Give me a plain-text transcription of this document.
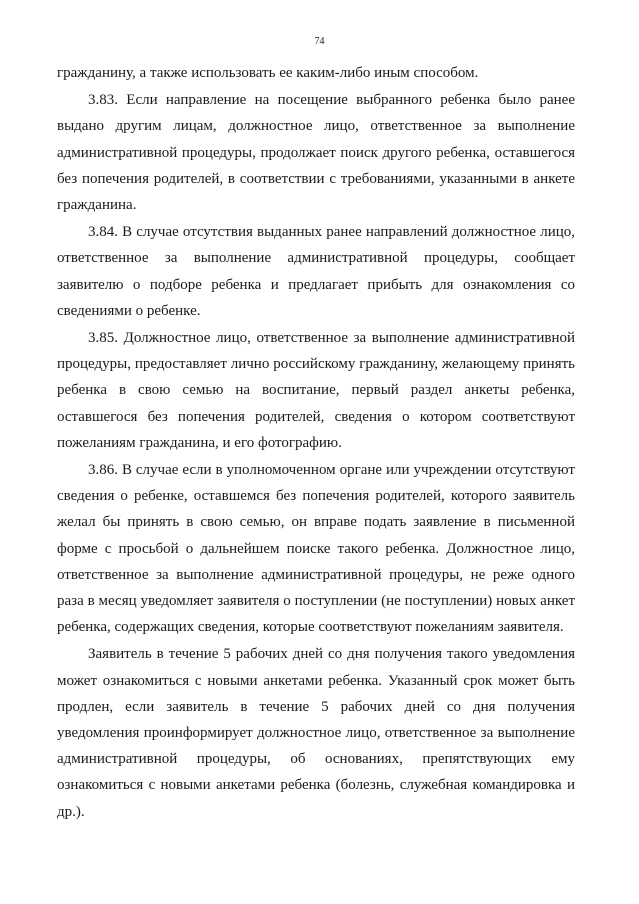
74

гражданину, а также использовать ее каким-либо иным способом.

3.83. Если направление на посещение выбранного ребенка было ранее выдано другим лицам, должностное лицо, ответственное за выполнение административной процедуры, продолжает поиск другого ребенка, оставшегося без попечения родителей, в соответствии с требованиями, указанными в анкете гражданина.

3.84. В случае отсутствия выданных ранее направлений должностное лицо, ответственное за выполнение административной процедуры, сообщает заявителю о подборе ребенка и предлагает прибыть для ознакомления со сведениями о ребенке.

3.85. Должностное лицо, ответственное за выполнение административной процедуры, предоставляет лично российскому гражданину, желающему принять ребенка в свою семью на воспитание, первый раздел анкеты ребенка, оставшегося без попечения родителей, сведения о котором соответствуют пожеланиям гражданина, и его фотографию.

3.86. В случае если в уполномоченном органе или учреждении отсутствуют сведения о ребенке, оставшемся без попечения родителей, которого заявитель желал бы принять в свою семью, он вправе подать заявление в письменной форме с просьбой о дальнейшем поиске такого ребенка. Должностное лицо, ответственное за выполнение административной процедуры, не реже одного раза в месяц уведомляет заявителя о поступлении (не поступлении) новых анкет ребенка, содержащих сведения, которые соответствуют пожеланиям заявителя.

Заявитель в течение 5 рабочих дней со дня получения такого уведомления может ознакомиться с новыми анкетами ребенка. Указанный срок может быть продлен, если заявитель в течение 5 рабочих дней со дня получения уведомления проинформирует должностное лицо, ответственное за выполнение административной процедуры, об основаниях, препятствующих ему ознакомиться с новыми анкетами ребенка (болезнь, служебная командировка и др.).
